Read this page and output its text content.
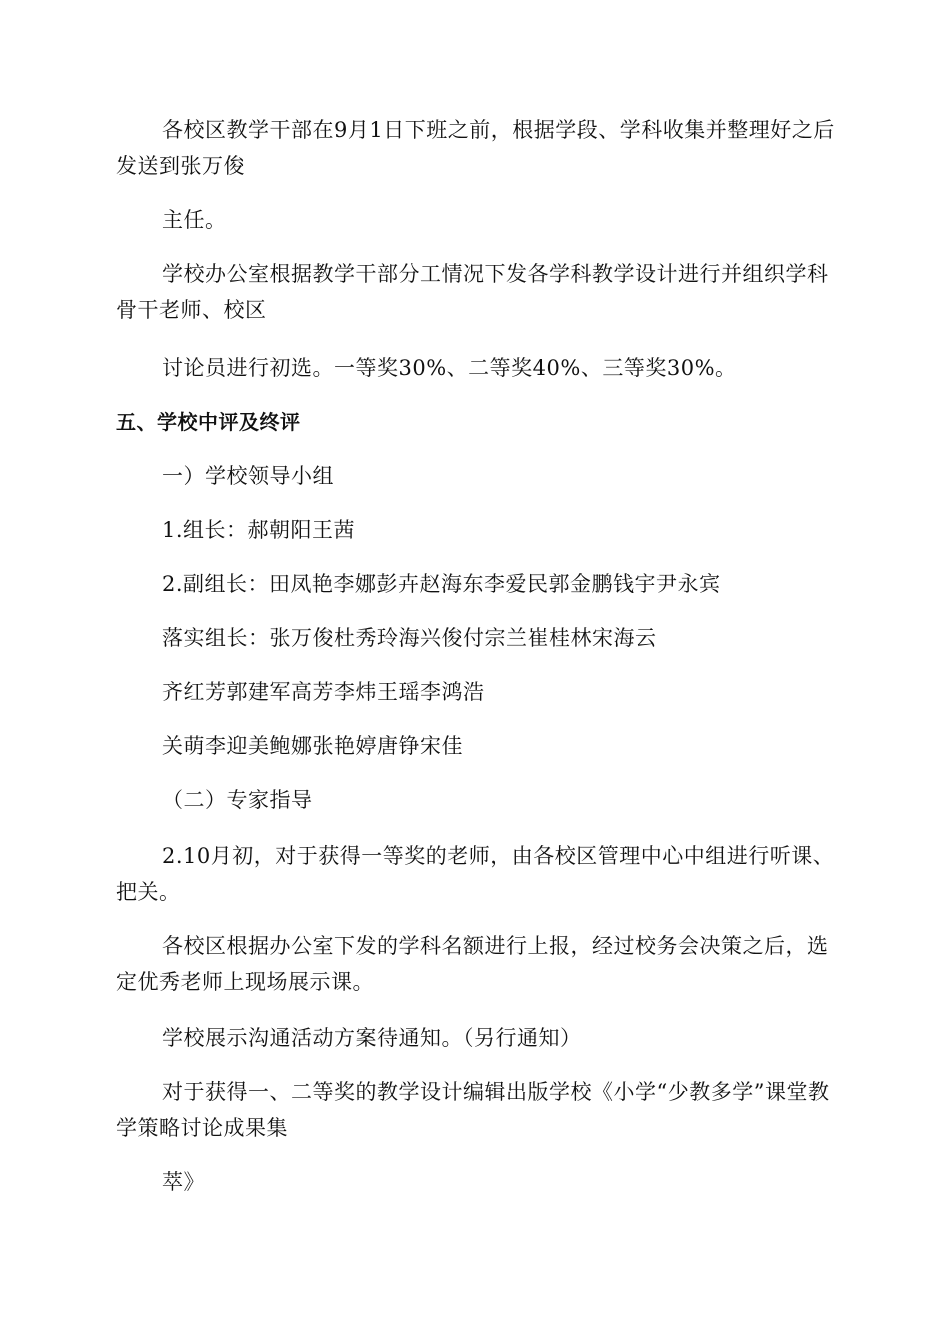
各校区教学干部在9月1日下班之前，根据学段、学科收集并整理好之后发送到张万俊
主任。
学校办公室根据教学干部分工情况下发各学科教学设计进行并组织学科骨干老师、校区
讨论员进行初选。一等奖30%、二等奖40%、三等奖30%。
五、学校中评及终评
一）学校领导小组
1.组长：郝朝阳王茜
2.副组长：田凤艳李娜彭卉赵海东李爱民郭金鹏钱宇尹永宾
落实组长：张万俊杜秀玲海兴俊付宗兰崔桂林宋海云
齐红芳郭建军高芳李炜王瑶李鸿浩
关萌李迎美鲍娜张艳婷唐铮宋佳
（二）专家指导
2.10月初，对于获得一等奖的老师，由各校区管理中心中组进行听课、把关。
各校区根据办公室下发的学科名额进行上报，经过校务会决策之后，选定优秀老师上现场展示课。
学校展示沟通活动方案待通知。（另行通知）
对于获得一、二等奖的教学设计编辑出版学校《小学“少教多学”课堂教学策略讨论成果集
萃》
